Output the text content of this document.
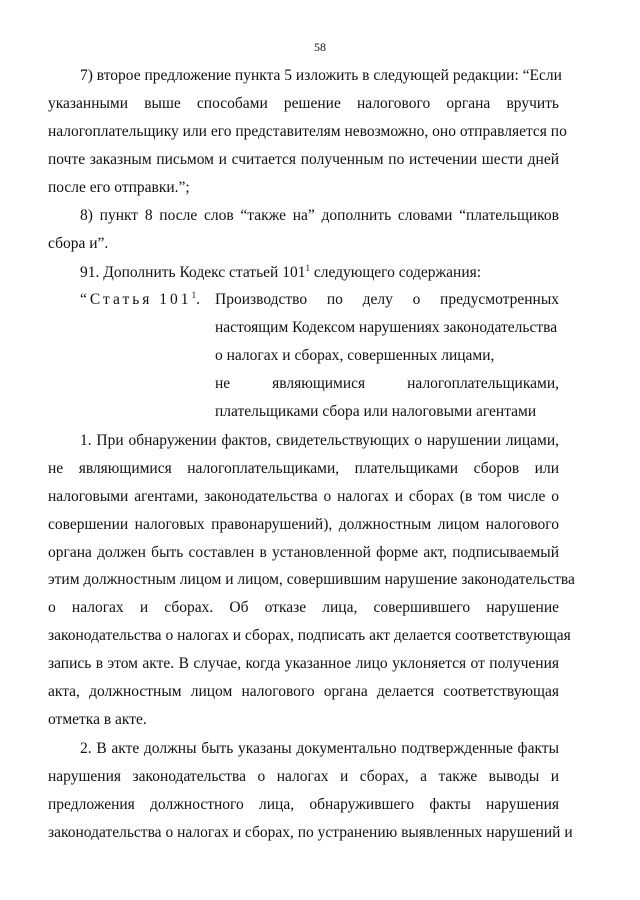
58
7) второе предложение пункта 5 изложить в следующей редакции: “Если
указанными выше способами решение налогового органа вручить
налогоплательщику или его представителям невозможно, оно отправляется по
почте заказным письмом и считается полученным по истечении шести дней
после его отправки.”;
8) пункт 8 после слов “также на” дополнить словами “плательщиков
сбора и”.
91. Дополнить Кодекс статьей $101^1$ следующего содержания:
“Статья $101^1$. Производство по делу о предусмотренных
настоящим Кодексом нарушениях законодательства
о налогах и сборах, совершенных лицами,
не являющимися налогоплательщиками,
плательщиками сбора или налоговыми агентами
1. При обнаружении фактов, свидетельствующих о нарушении лицами,
не являющимися налогоплательщиками, плательщиками сборов или
налоговыми агентами, законодательства о налогах и сборах (в том числе о
совершении налоговых правонарушений), должностным лицом налогового
органа должен быть составлен в установленной форме акт, подписываемый
этим должностным лицом и лицом, совершившим нарушение законодательства
о налогах и сборах. Об отказе лица, совершившего нарушение
законодательства о налогах и сборах, подписать акт делается соответствующая
запись в этом акте. В случае, когда указанное лицо уклоняется от получения
акта, должностным лицом налогового органа делается соответствующая
отметка в акте.
2. В акте должны быть указаны документально подтвержденные факты
нарушения законодательства о налогах и сборах, а также выводы и
предложения должностного лица, обнаружившего факты нарушения
законодательства о налогах и сборах, по устранению выявленных нарушений и
